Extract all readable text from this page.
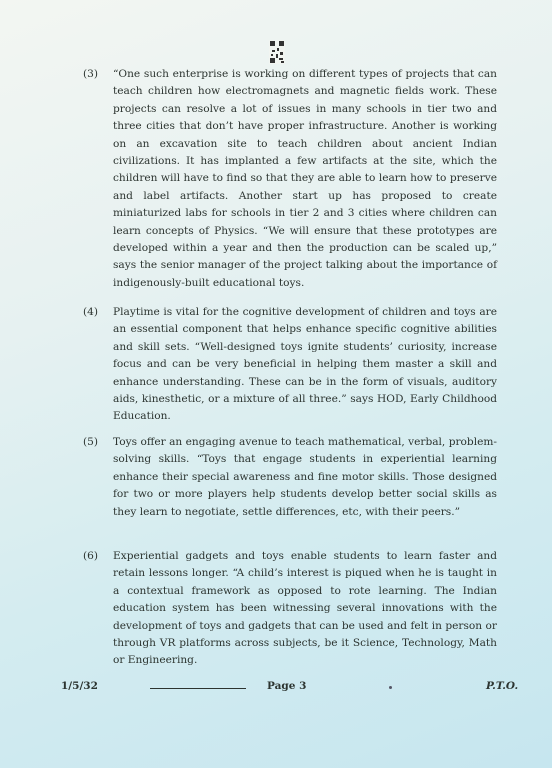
(3)	“One such enterprise is working on different types of projects that can teach children how electromagnets and magnetic fields work. These projects can resolve a lot of issues in many schools in tier two and three cities that don’t have proper infrastructure. Another is working on an excavation site to teach children about ancient Indian civilizations. It has implanted a few artifacts at the site, which the children will have to find so that they are able to learn how to preserve and label artifacts. Another start up has proposed to create miniaturized labs for schools in tier 2 and 3 cities where children can learn concepts of Physics. “We will ensure that these prototypes are developed within a year and then the production can be scaled up,” says the senior manager of the project talking about the importance of indigenously-built educational toys.
(4)	Playtime is vital for the cognitive development of children and toys are an essential component that helps enhance specific cognitive abilities and skill sets. “Well-designed toys ignite students’ curiosity, increase focus and can be very beneficial in helping them master a skill and enhance understanding. These can be in the form of visuals, auditory aids, kinesthetic, or a mixture of all three.” says HOD, Early Childhood Education.
(5)	Toys offer an engaging avenue to teach mathematical, verbal, problem-solving skills. “Toys that engage students in experiential learning enhance their special awareness and fine motor skills. Those designed for two or more players help students develop better social skills as they learn to negotiate, settle differences, etc, with their peers.”
(6)	Experiential gadgets and toys enable students to learn faster and retain lessons longer. “A child’s interest is piqued when he is taught in a contextual framework as opposed to rote learning. The Indian education system has been witnessing several innovations with the development of toys and gadgets that can be used and felt in person or through VR platforms across subjects, be it Science, Technology, Math or Engineering.
1/5/32	Page 3	P.T.O.
